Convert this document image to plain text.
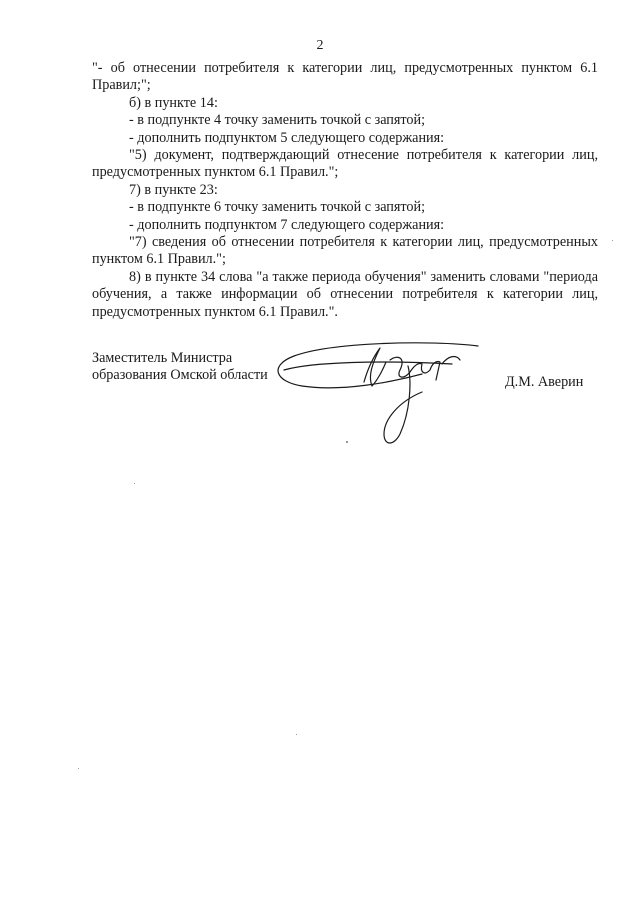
2

"- об отнесении потребителя к категории лиц, предусмотренных пунктом 6.1 Правил;";

б) в пункте 14:

- в подпункте 4 точку заменить точкой с запятой;

- дополнить подпунктом 5 следующего содержания:

"5) документ, подтверждающий отнесение потребителя к категории лиц, предусмотренных пунктом 6.1 Правил.";

7) в пункте 23:

- в подпункте 6 точку заменить точкой с запятой;

- дополнить подпунктом 7 следующего содержания:

"7) сведения об отнесении потребителя к категории лиц, предусмотренных пунктом 6.1 Правил.";

8) в пункте 34 слова "а также периода обучения" заменить словами "периода обучения, а также информации об отнесении потребителя к категории лиц, предусмотренных пунктом 6.1 Правил.".

Заместитель Министра
образования Омской области	Д.М. Аверин
